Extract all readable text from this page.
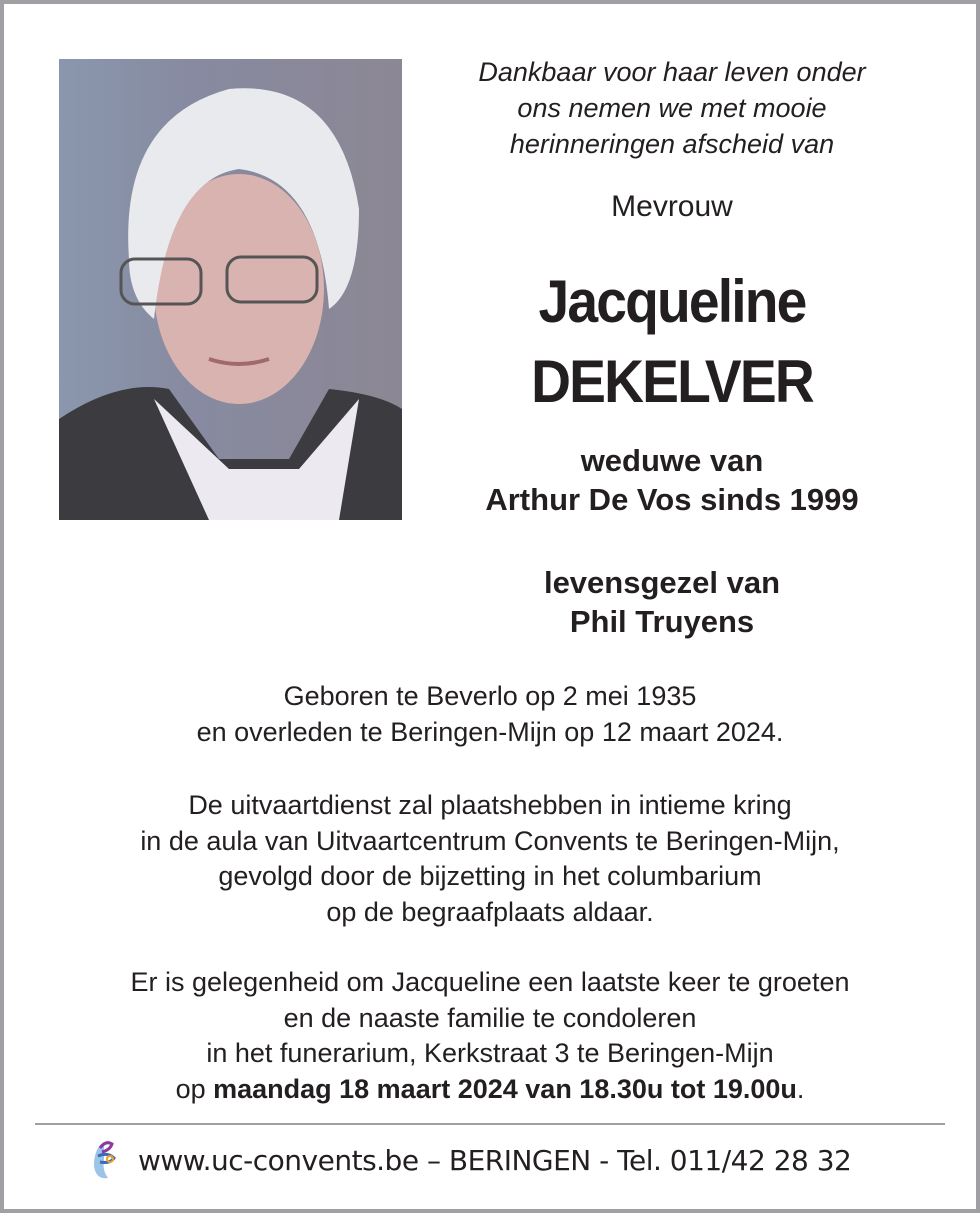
Dankbaar voor haar leven onder
ons nemen we met mooie
herinneringen afscheid van
Mevrouw
Jacqueline
DEKELVER
weduwe van
Arthur De Vos sinds 1999
levensgezel van
Phil Truyens
Geboren te Beverlo op 2 mei 1935
en overleden te Beringen-Mijn op 12 maart 2024.
De uitvaartdienst zal plaatshebben in intieme kring
in de aula van Uitvaartcentrum Convents te Beringen-Mijn,
gevolgd door de bijzetting in het columbarium
op de begraafplaats aldaar.
Er is gelegenheid om Jacqueline een laatste keer te groeten
en de naaste familie te condoleren
in het funerarium, Kerkstraat 3 te Beringen-Mijn
op maandag 18 maart 2024 van 18.30u tot 19.00u.
www.uc-convents.be – BERINGEN - Tel. 011/42 28 32
